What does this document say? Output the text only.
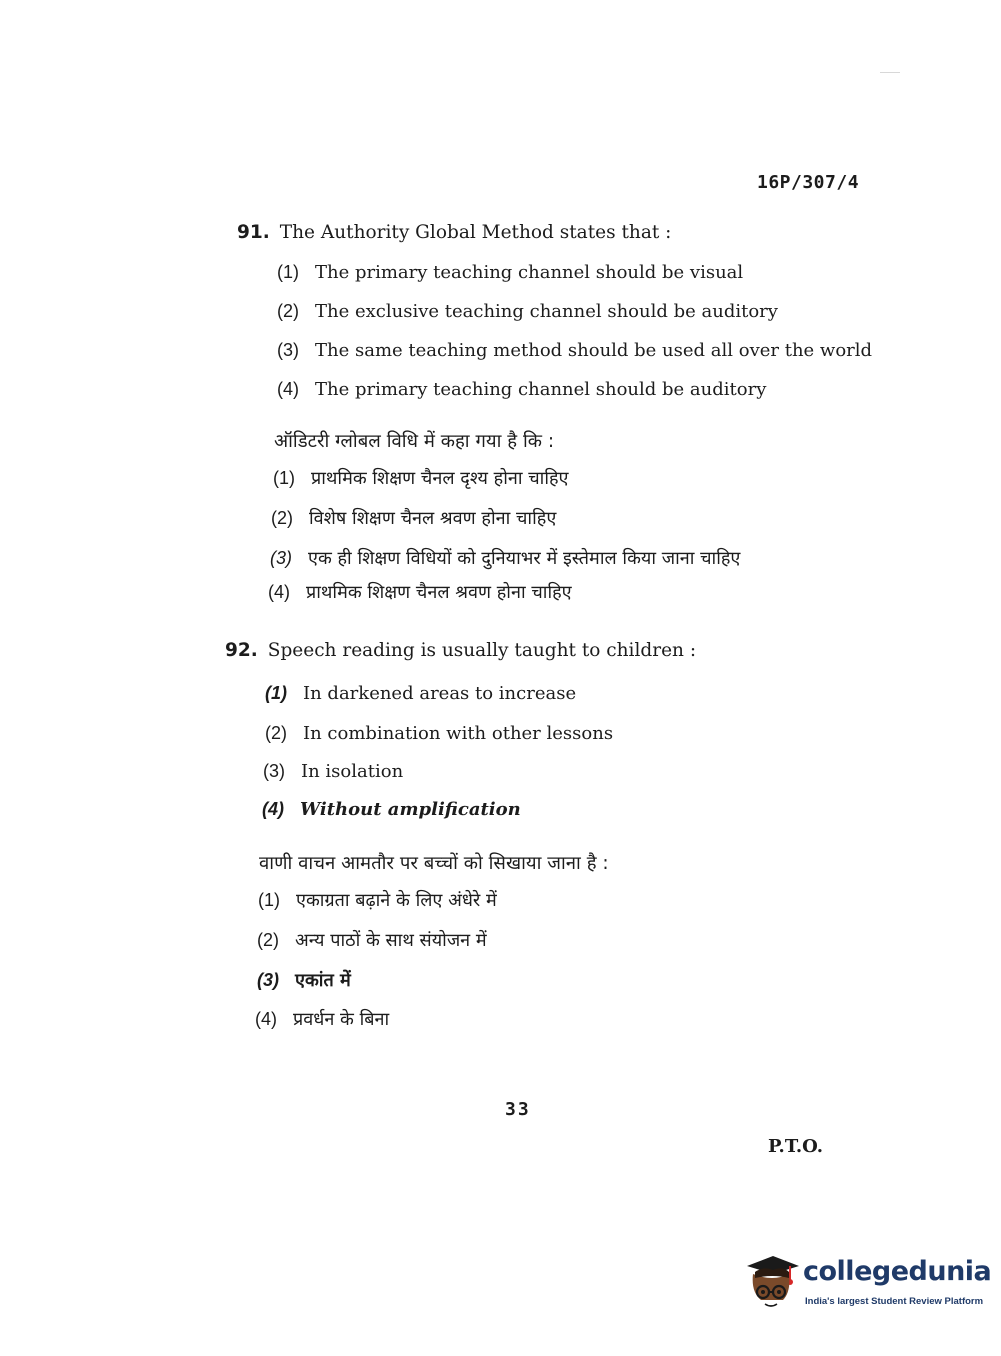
16P/307/4
91. The Authority Global Method states that :
(1) The primary teaching channel should be visual
(2) The exclusive teaching channel should be auditory
(3) The same teaching method should be used all over the world
(4) The primary teaching channel should be auditory
ऑडिटरी ग्लोबल विधि में कहा गया है कि :
(1) प्राथमिक शिक्षण चैनल दृश्य होना चाहिए
(2) विशेष शिक्षण चैनल श्रवण होना चाहिए
(3) एक ही शिक्षण विधियों को दुनियाभर में इस्तेमाल किया जाना चाहिए
(4) प्राथमिक शिक्षण चैनल श्रवण होना चाहिए
92. Speech reading is usually taught to children :
(1) In darkened areas to increase
(2) In combination with other lessons
(3) In isolation
(4) Without amplification
वाणी वाचन आमतौर पर बच्चों को सिखाया जाना है :
(1) एकाग्रता बढ़ाने के लिए अंधेरे में
(2) अन्य पाठों के साथ संयोजन में
(3) एकांत में
(4) प्रवर्धन के बिना
33
P.T.O.
collegedunia
India's largest Student Review Platform
